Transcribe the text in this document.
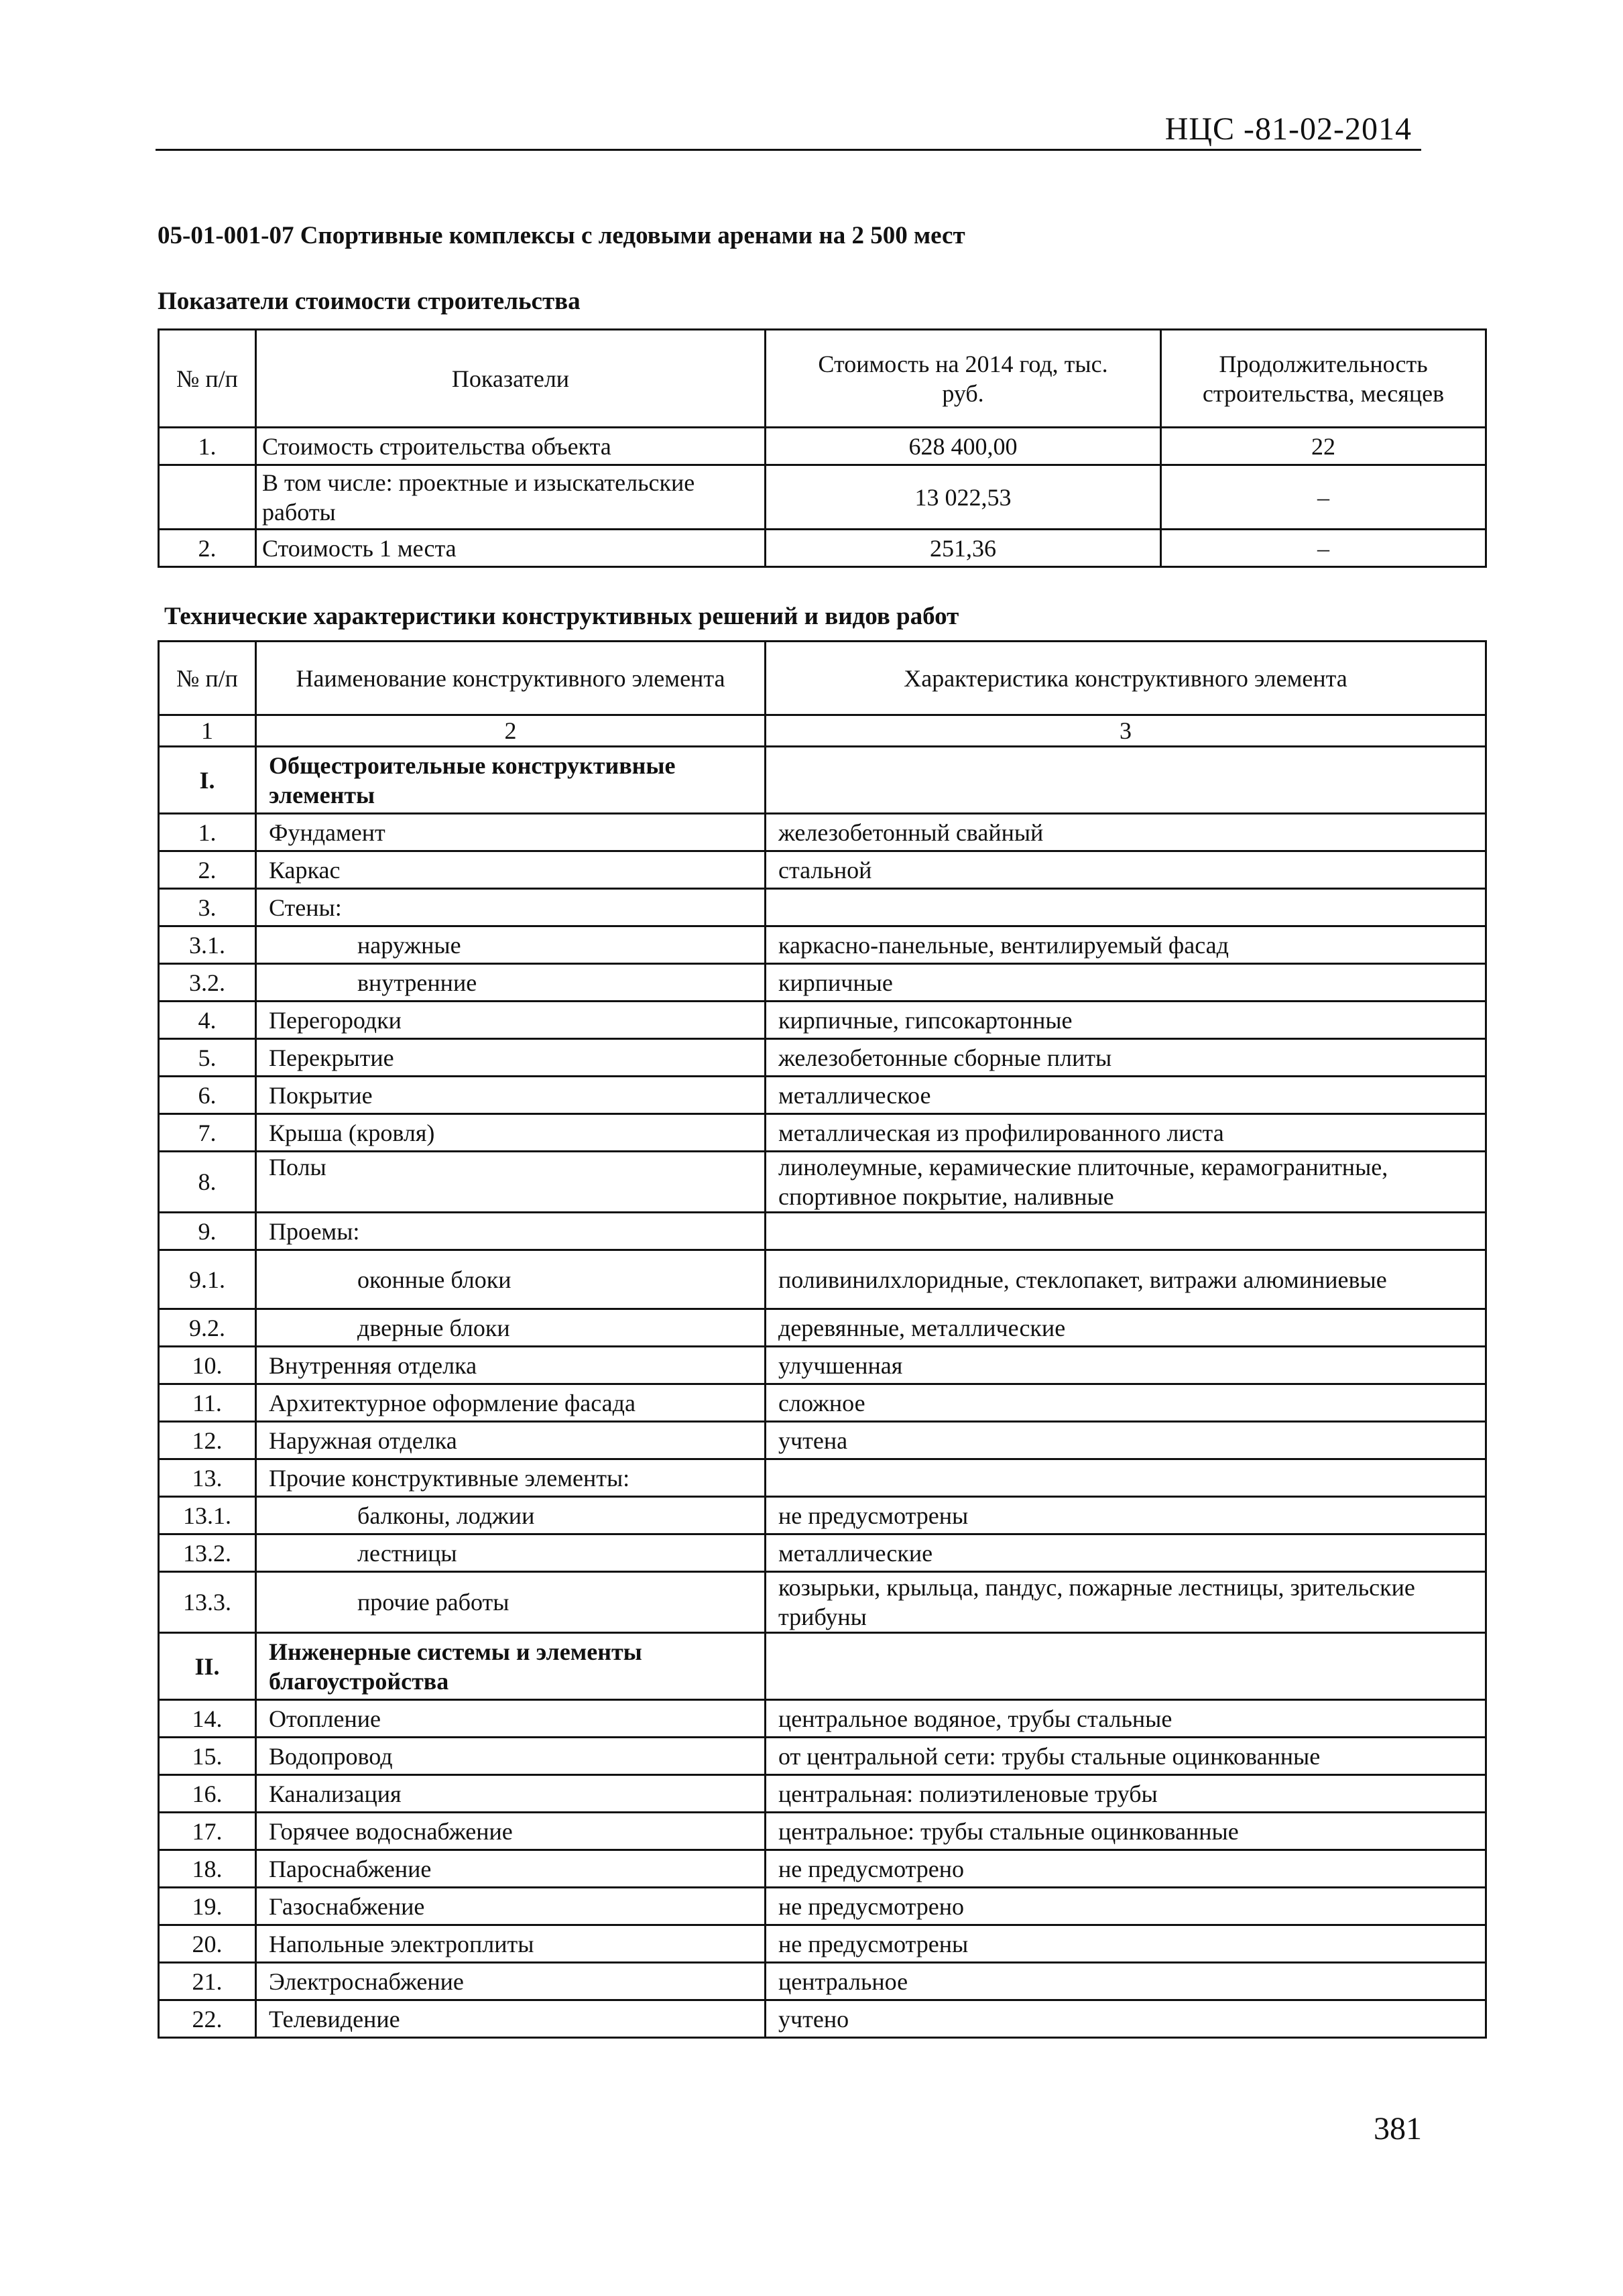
НЦС -81-02-2014
05-01-001-07 Спортивные комплексы с ледовыми аренами на 2 500 мест
Показатели стоимости строительства
№ п/п	Показатели	Стоимость на 2014 год, тыс. руб.	Продолжительность строительства, месяцев
1.	Стоимость строительства объекта	628 400,00	22
	В том числе: проектные и изыскательские работы	13 022,53	–
2.	Стоимость 1 места	251,36	–
Технические характеристики конструктивных решений и видов работ
№ п/п	Наименование конструктивного элемента	Характеристика конструктивного элемента
1	2	3
I.	Общестроительные конструктивные элементы	
1.	Фундамент	железобетонный свайный
2.	Каркас	стальной
3.	Стены:	
3.1.	наружные	каркасно-панельные, вентилируемый фасад
3.2.	внутренние	кирпичные
4.	Перегородки	кирпичные, гипсокартонные
5.	Перекрытие	железобетонные сборные плиты
6.	Покрытие	металлическое
7.	Крыша (кровля)	металлическая из профилированного листа
8.	Полы	линолеумные, керамические плиточные, керамогранитные, спортивное покрытие, наливные
9.	Проемы:	
9.1.	оконные блоки	поливинилхлоридные, стеклопакет, витражи алюминиевые
9.2.	дверные блоки	деревянные, металлические
10.	Внутренняя отделка	улучшенная
11.	Архитектурное оформление фасада	сложное
12.	Наружная отделка	учтена
13.	Прочие конструктивные элементы:	
13.1.	балконы, лоджии	не предусмотрены
13.2.	лестницы	металлические
13.3.	прочие работы	козырьки, крыльца, пандус, пожарные лестницы, зрительские трибуны
II.	Инженерные системы и элементы благоустройства	
14.	Отопление	центральное водяное, трубы стальные
15.	Водопровод	от центральной сети: трубы стальные оцинкованные
16.	Канализация	центральная: полиэтиленовые трубы
17.	Горячее водоснабжение	центральное: трубы стальные оцинкованные
18.	Пароснабжение	не предусмотрено
19.	Газоснабжение	не предусмотрено
20.	Напольные электроплиты	не предусмотрены
21.	Электроснабжение	центральное
22.	Телевидение	учтено
381
